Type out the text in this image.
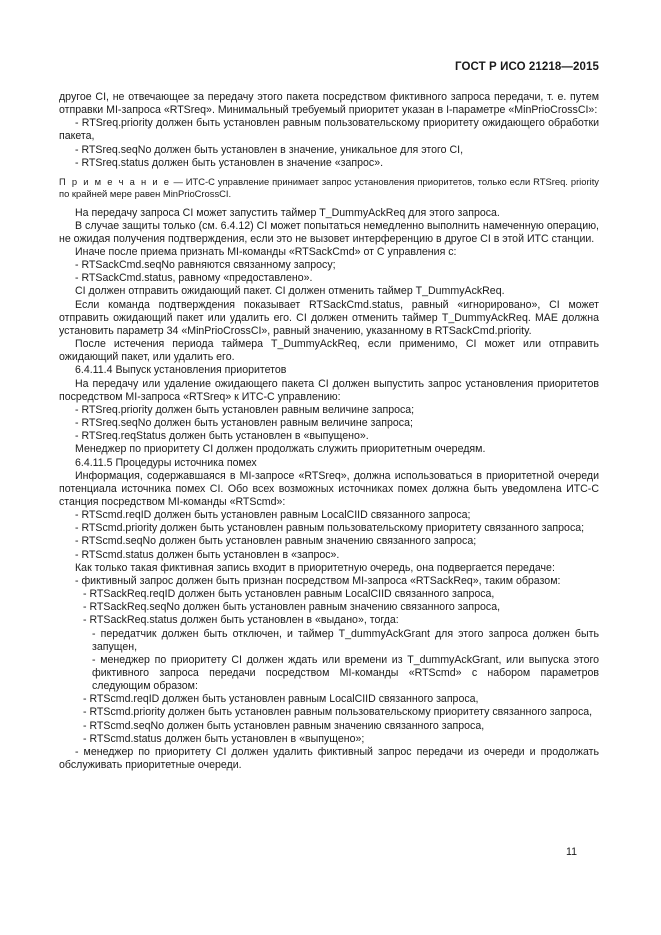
ГОСТ Р ИСО 21218—2015

другое CI, не отвечающее за передачу этого пакета посредством фиктивного запроса передачи, т. е. путем отправки MI-запроса «RTSreq». Минимальный требуемый приоритет указан в I-параметре «MinPrioCrossCI»:

- RTSreq.priority должен быть установлен равным пользовательскому приоритету ожидающего обработки пакета,

- RTSreq.seqNo должен быть установлен в значение, уникальное для этого CI,

- RTSreq.status должен быть установлен в значение «запрос».

П р и м е ч а н и е — ИТС-С управление принимает запрос установления приоритетов, только если RTSreq. priority по крайней мере равен MinPrioCrossCI.

На передачу запроса CI может запустить таймер T_DummyAckReq для этого запроса.

В случае защиты только (см. 6.4.12) CI может попытаться немедленно выполнить намеченную операцию, не ожидая получения подтверждения, если это не вызовет интерференцию в другое CI в этой ИТС станции.

Иначе после приема признать MI-команды «RTSackCmd» от С управления с:

- RTSackCmd.seqNo равняются связанному запросу;

- RTSackCmd.status, равному «предоставлено».

CI должен отправить ожидающий пакет. CI должен отменить таймер T_DummyAckReq.

Если команда подтверждения показывает RTSackCmd.status, равный «игнорировано», CI может отправить ожидающий пакет или удалить его. CI должен отменить таймер T_DummyAckReq. MAE должна установить параметр 34 «MinPrioCrossCI», равный значению, указанному в RTSackCmd.priority.

После истечения периода таймера T_DummyAckReq, если применимо, CI может или отправить ожидающий пакет, или удалить его.

6.4.11.4 Выпуск установления приоритетов

На передачу или удаление ожидающего пакета CI должен выпустить запрос установления приоритетов посредством MI-запроса «RTSreq» к ИТС-С управлению:

- RTSreq.priority должен быть установлен равным величине запроса;

- RTSreq.seqNo должен быть установлен равным величине запроса;

- RTSreq.reqStatus должен быть установлен в «выпущено».

Менеджер по приоритету CI должен продолжать служить приоритетным очередям.

6.4.11.5 Процедуры источника помех

Информация, содержавшаяся в MI-запросе «RTSreq», должна использоваться в приоритетной очереди потенциала источника помех CI. Обо всех возможных источниках помех должна быть уведомлена ИТС-С станция посредством MI-команды «RTScmd»:

- RTScmd.reqID должен быть установлен равным LocalCIID связанного запроса;

- RTScmd.priority должен быть установлен равным пользовательскому приоритету связанного запроса;

- RTScmd.seqNo должен быть установлен равным значению связанного запроса;

- RTScmd.status должен быть установлен в «запрос».

Как только такая фиктивная запись входит в приоритетную очередь, она подвергается передаче:

- фиктивный запрос должен быть признан посредством MI-запроса «RTSackReq», таким образом:

- RTSackReq.reqID должен быть установлен равным LocalCIID связанного запроса,

- RTSackReq.seqNo должен быть установлен равным значению связанного запроса,

- RTSackReq.status должен быть установлен в «выдано», тогда:

- передатчик должен быть отключен, и таймер T_dummyAckGrant для этого запроса должен быть запущен,

- менеджер по приоритету CI должен ждать или времени из T_dummyAckGrant, или выпуска этого фиктивного запроса передачи посредством MI-команды «RTScmd» с набором параметров следующим образом:

- RTScmd.reqID должен быть установлен равным LocalCIID связанного запроса,

- RTScmd.priority должен быть установлен равным пользовательскому приоритету связанного запроса,

- RTScmd.seqNo должен быть установлен равным значению связанного запроса,

- RTScmd.status должен быть установлен в «выпущено»;

- менеджер по приоритету CI должен удалить фиктивный запрос передачи из очереди и продолжать обслуживать приоритетные очереди.

11
